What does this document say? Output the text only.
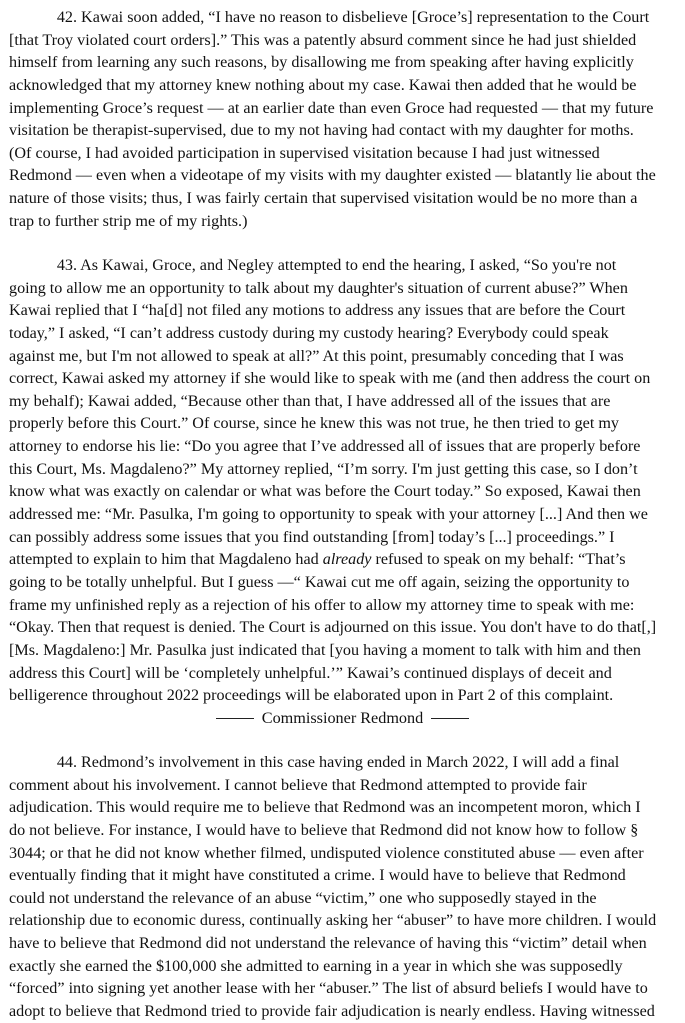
42. Kawai soon added, “I have no reason to disbelieve [Groce’s] representation to the Court
[that Troy violated court orders].” This was a patently absurd comment since he had just shielded
himself from learning any such reasons, by disallowing me from speaking after having explicitly
acknowledged that my attorney knew nothing about my case. Kawai then added that he would be
implementing Groce’s request — at an earlier date than even Groce had requested — that my future
visitation be therapist-supervised, due to my not having had contact with my daughter for moths.
(Of course, I had avoided participation in supervised visitation because I had just witnessed
Redmond — even when a videotape of my visits with my daughter existed — blatantly lie about the
nature of those visits; thus, I was fairly certain that supervised visitation would be no more than a
trap to further strip me of my rights.)
43. As Kawai, Groce, and Negley attempted to end the hearing, I asked, “So you're not
going to allow me an opportunity to talk about my daughter's situation of current abuse?” When
Kawai replied that I “ha[d] not filed any motions to address any issues that are before the Court
today,” I asked, “I can’t address custody during my custody hearing? Everybody could speak
against me, but I'm not allowed to speak at all?” At this point, presumably conceding that I was
correct, Kawai asked my attorney if she would like to speak with me (and then address the court on
my behalf); Kawai added, “Because other than that, I have addressed all of the issues that are
properly before this Court.” Of course, since he knew this was not true, he then tried to get my
attorney to endorse his lie: “Do you agree that I’ve addressed all of issues that are properly before
this Court, Ms. Magdaleno?” My attorney replied, “I’m sorry. I'm just getting this case, so I don’t
know what was exactly on calendar or what was before the Court today.” So exposed, Kawai then
addressed me: “Mr. Pasulka, I'm going to opportunity to speak with your attorney [...] And then we
can possibly address some issues that you find outstanding [from] today’s [...] proceedings.” I
attempted to explain to him that Magdaleno had already refused to speak on my behalf: “That’s
going to be totally unhelpful. But I guess —“ Kawai cut me off again, seizing the opportunity to
frame my unfinished reply as a rejection of his offer to allow my attorney time to speak with me:
“Okay. Then that request is denied. The Court is adjourned on this issue. You don't have to do that[,]
[Ms. Magdaleno:] Mr. Pasulka just indicated that [you having a moment to talk with him and then
address this Court] will be ‘completely unhelpful.’” Kawai’s continued displays of deceit and
belligerence throughout 2022 proceedings will be elaborated upon in Part 2 of this complaint.
Commissioner Redmond
44. Redmond’s involvement in this case having ended in March 2022, I will add a final
comment about his involvement. I cannot believe that Redmond attempted to provide fair
adjudication. This would require me to believe that Redmond was an incompetent moron, which I
do not believe. For instance, I would have to believe that Redmond did not know how to follow §
3044; or that he did not know whether filmed, undisputed violence constituted abuse — even after
eventually finding that it might have constituted a crime. I would have to believe that Redmond
could not understand the relevance of an abuse “victim,” one who supposedly stayed in the
relationship due to economic duress, continually asking her “abuser” to have more children. I would
have to believe that Redmond did not understand the relevance of having this “victim” detail when
exactly she earned the $100,000 she admitted to earning in a year in which she was supposedly
“forced” into signing yet another lease with her “abuser.” The list of absurd beliefs I would have to
adopt to believe that Redmond tried to provide fair adjudication is nearly endless. Having witnessed
